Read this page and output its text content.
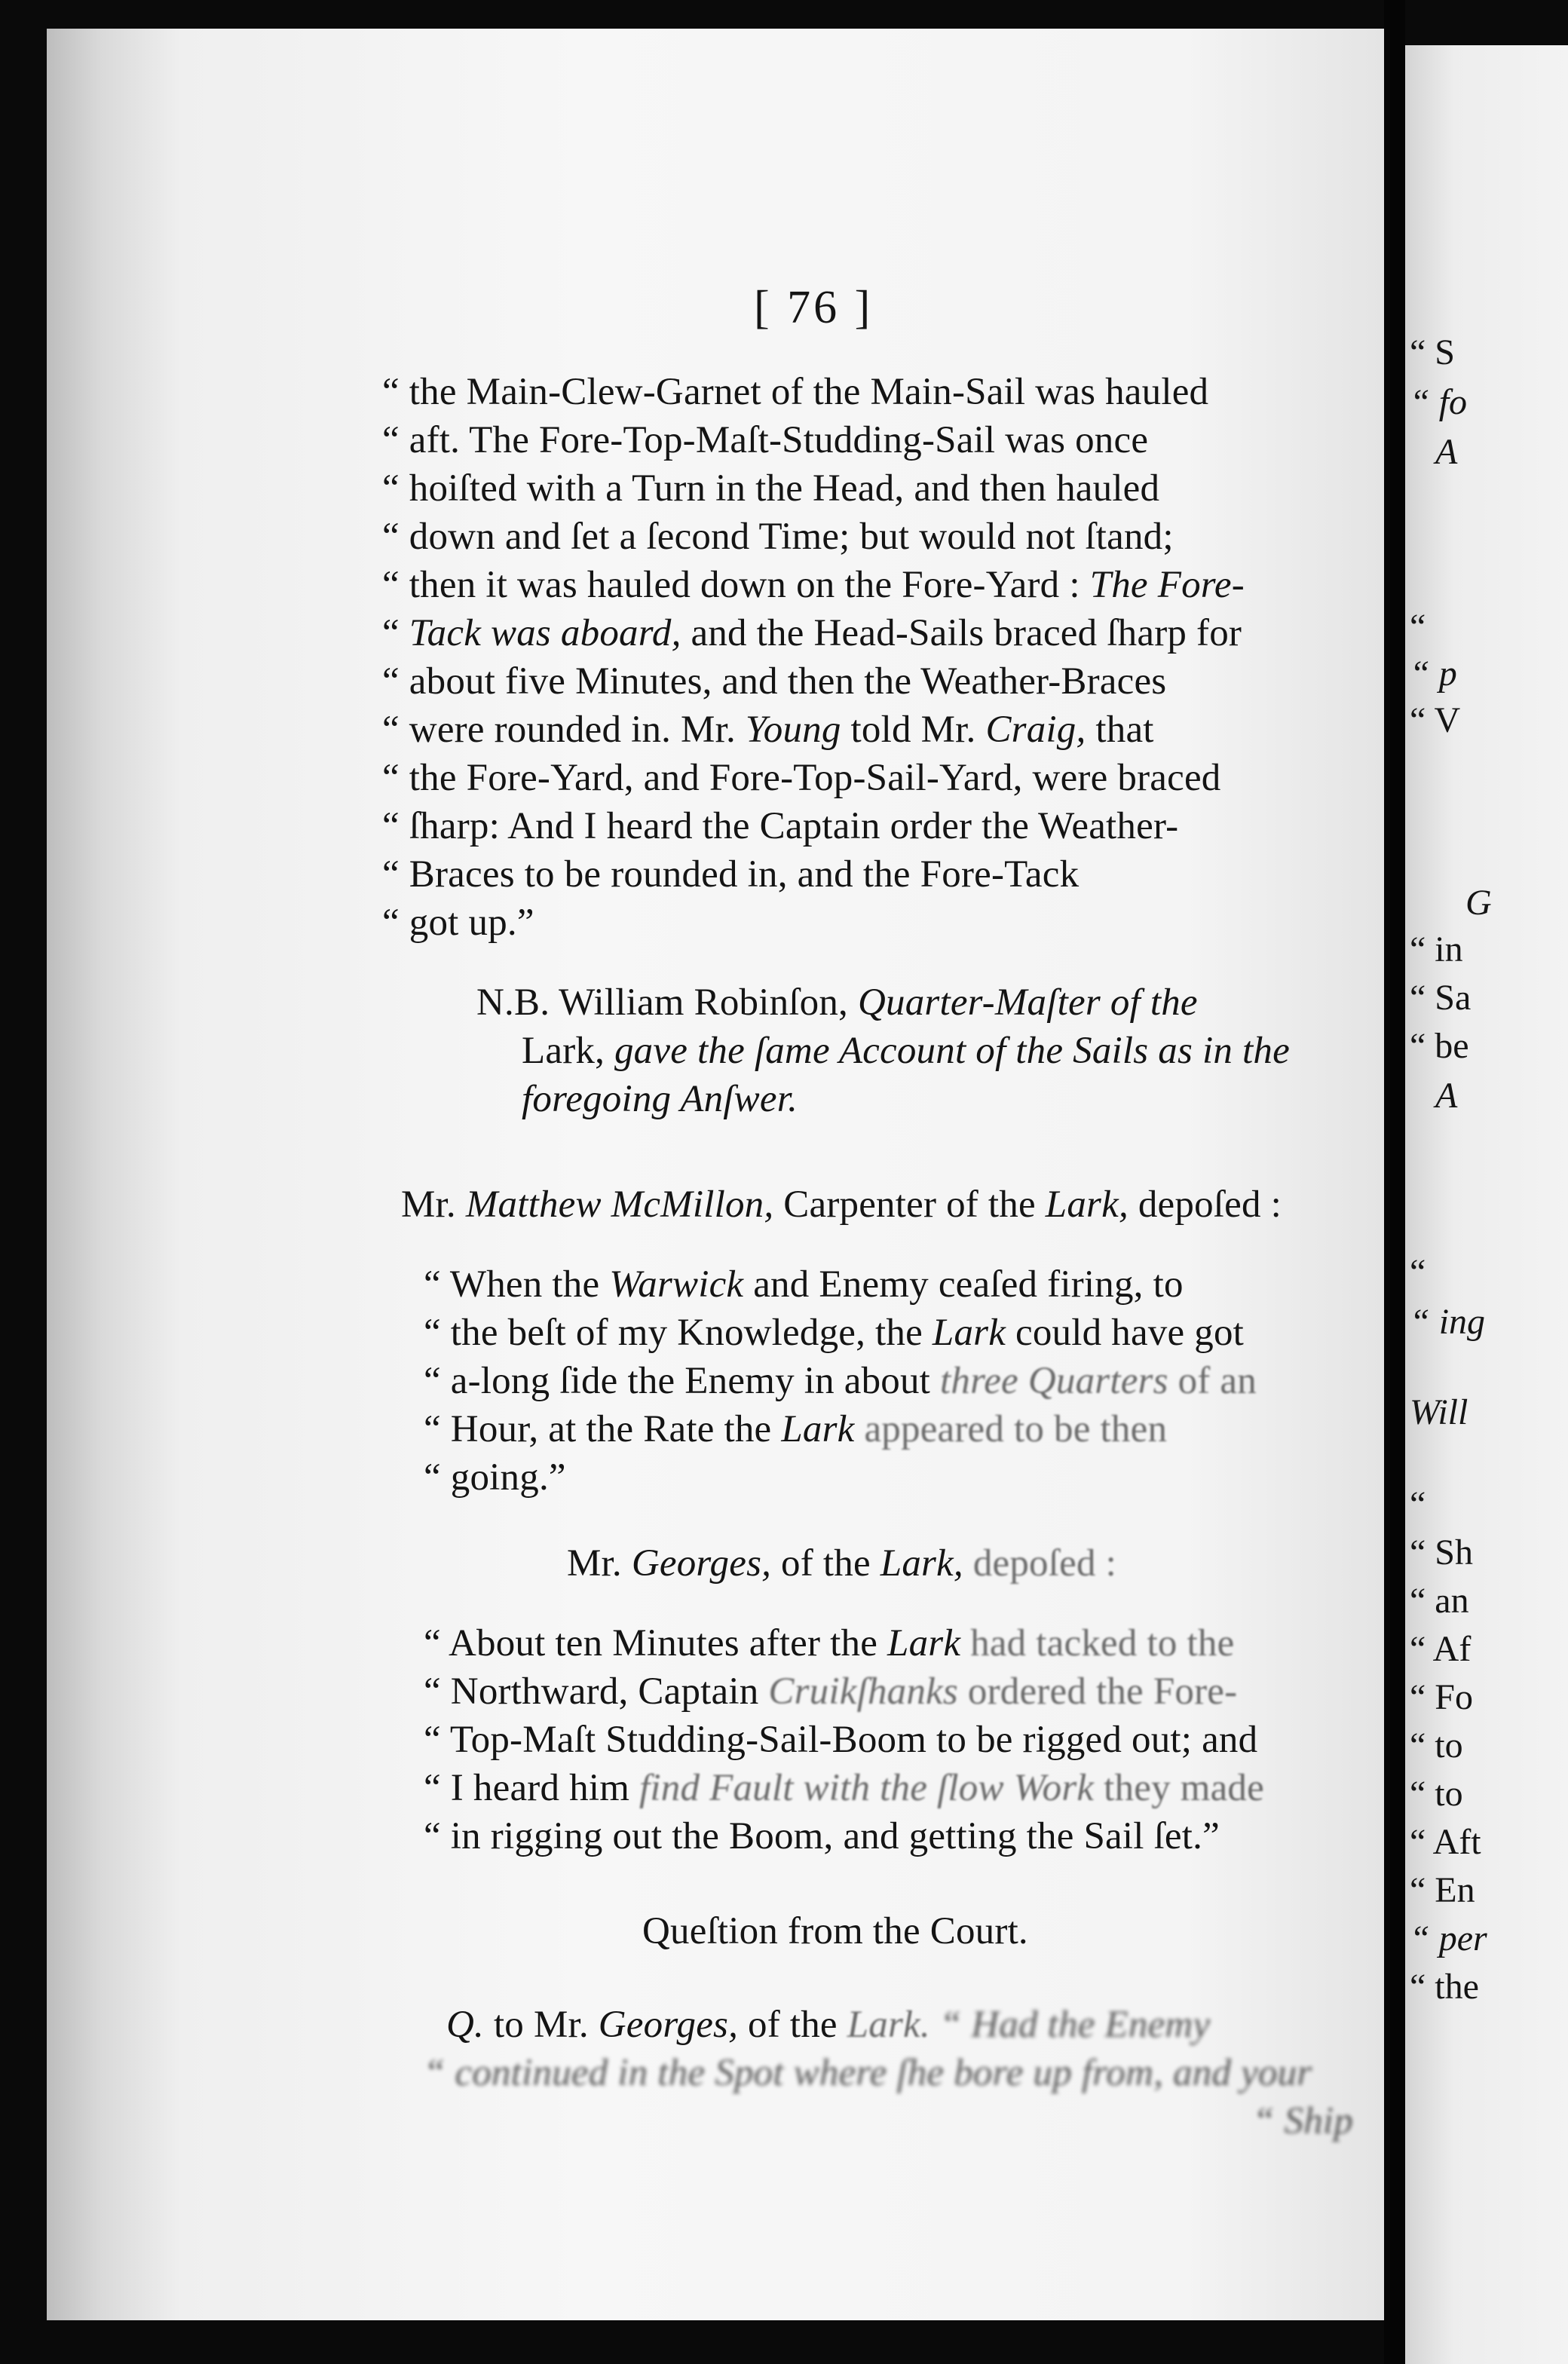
[ 76 ]
“ the Main-Clew-Garnet of the Main-Sail was hauled
“ aft. The Fore-Top-Maſt-Studding-Sail was once
“ hoiſted with a Turn in the Head, and then hauled
“ down and ſet a ſecond Time; but would not ſtand;
“ then it was hauled down on the Fore-Yard : The Fore-
“ Tack was aboard, and the Head-Sails braced ſharp for
“ about five Minutes, and then the Weather-Braces
“ were rounded in. Mr. Young told Mr. Craig, that
“ the Fore-Yard, and Fore-Top-Sail-Yard, were braced
“ ſharp: And I heard the Captain order the Weather-
“ Braces to be rounded in, and the Fore-Tack
“ got up.”
N.B. William Robinſon, Quarter-Maſter of the
Lark, gave the ſame Account of the Sails as in the
foregoing Anſwer.
Mr. Matthew McMillon, Carpenter of the Lark, depoſed :
“ When the Warwick and Enemy ceaſed firing, to
“ the beſt of my Knowledge, the Lark could have got
“ a-long ſide the Enemy in about three Quarters of an
“ Hour, at the Rate the Lark appeared to be then
“ going.”
Mr. Georges, of the Lark, depoſed :
“ About ten Minutes after the Lark had tacked to the
“ Northward, Captain Cruikſhanks ordered the Fore-
“ Top-Maſt Studding-Sail-Boom to be rigged out; and
“ I heard him find Fault with the ſlow Work they made
“ in rigging out the Boom, and getting the Sail ſet.”
Queſtion from the Court.
Q. to Mr. Georges, of the Lark. “ Had the Enemy
“ continued in the Spot where ſhe bore up from, and your
“ Ship
“ S
“ fo
A
“
“ p
“ V
G
“ in
“ Sa
“ be
A
“
“ ing
Will
“
“ Sh
“ an
“ Af
“ Fo
“ to
“ to
“ Aft
“ En
“ per
“ the
